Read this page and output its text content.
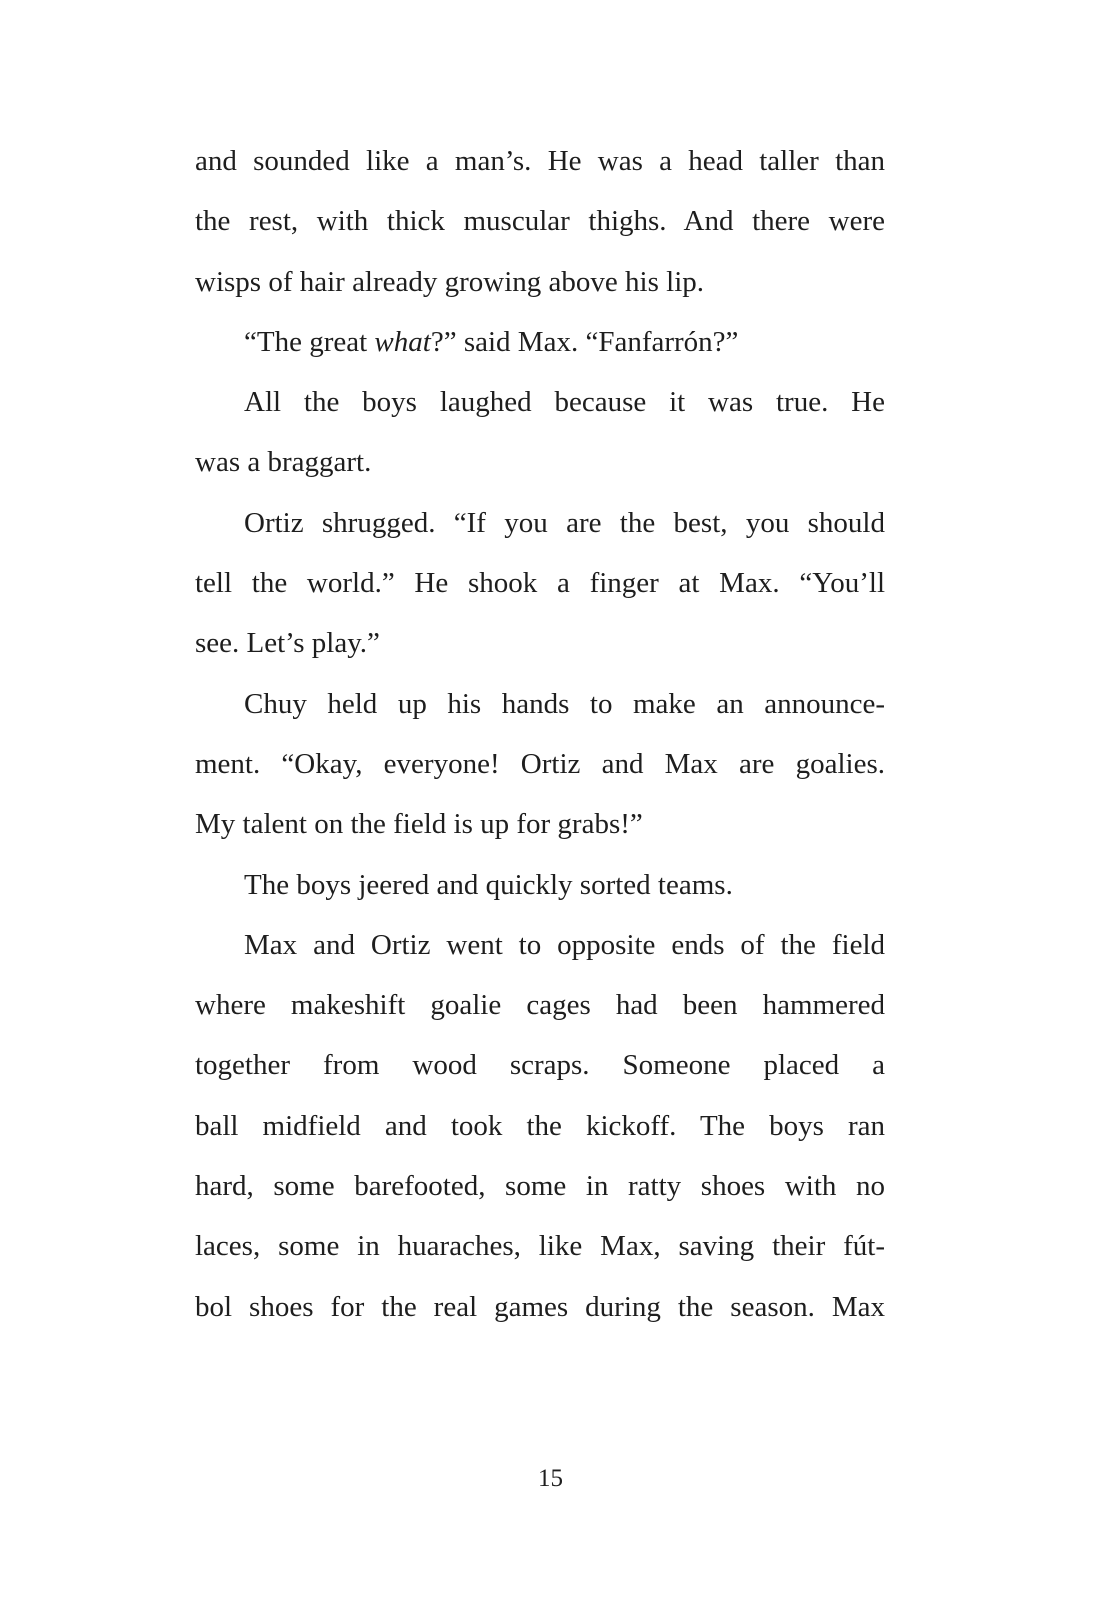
and sounded like a man’s. He was a head taller than
the rest, with thick muscular thighs. And there were
wisps of hair already growing above his lip.
“The great what?” said Max. “Fanfarrón?”
All the boys laughed because it was true. He
was a braggart.
Ortiz shrugged. “If you are the best, you should
tell the world.” He shook a finger at Max. “You’ll
see. Let’s play.”
Chuy held up his hands to make an announce-
ment. “Okay, everyone! Ortiz and Max are goalies.
My talent on the field is up for grabs!”
The boys jeered and quickly sorted teams.
Max and Ortiz went to opposite ends of the field
where makeshift goalie cages had been hammered
together from wood scraps. Someone placed a
ball midfield and took the kickoff. The boys ran
hard, some barefooted, some in ratty shoes with no
laces, some in huaraches, like Max, saving their fút-
bol shoes for the real games during the season. Max
15
